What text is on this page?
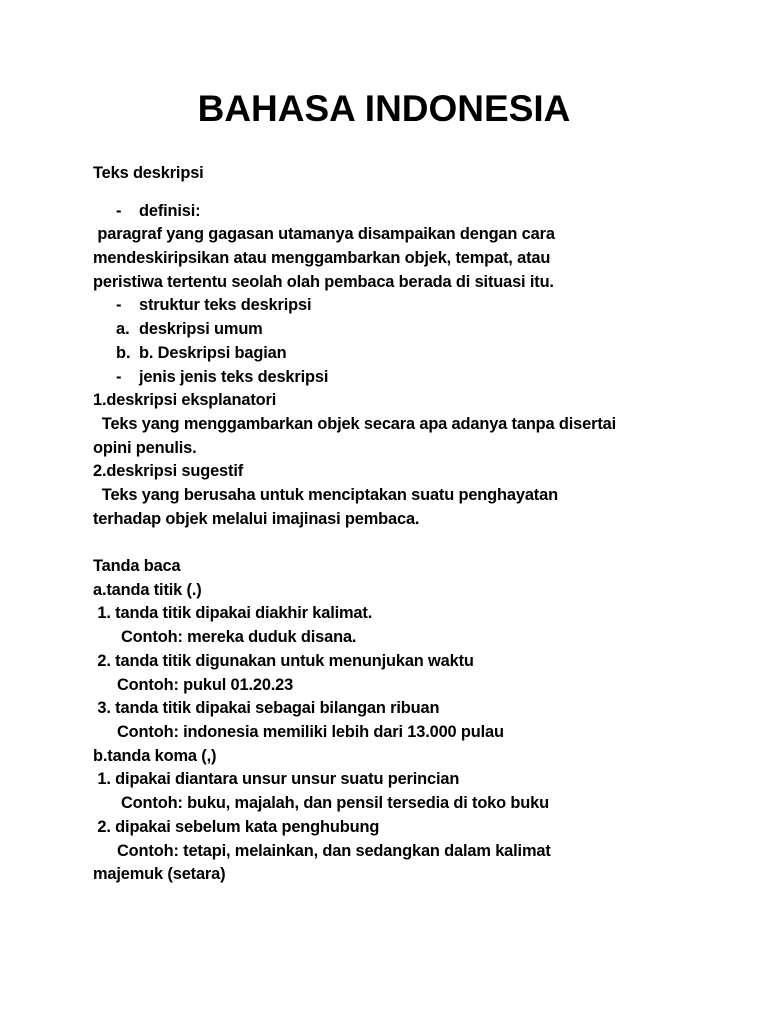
BAHASA INDONESIA
Teks deskripsi
- definisi:
paragraf yang gagasan utamanya disampaikan dengan cara
mendeskiripsikan atau menggambarkan objek, tempat, atau
peristiwa tertentu seolah olah pembaca berada di situasi itu.
- struktur teks deskripsi
a. deskripsi umum
b. b. Deskripsi bagian
- jenis jenis teks deskripsi
1.deskripsi eksplanatori
Teks yang menggambarkan objek secara apa adanya tanpa disertai
opini penulis.
2.deskripsi sugestif
Teks yang berusaha untuk menciptakan suatu penghayatan
terhadap objek melalui imajinasi pembaca.
Tanda baca
a.tanda titik (.)
1. tanda titik dipakai diakhir kalimat.
Contoh: mereka duduk disana.
2. tanda titik digunakan untuk menunjukan waktu
Contoh: pukul 01.20.23
3. tanda titik dipakai sebagai bilangan ribuan
Contoh: indonesia memiliki lebih dari 13.000 pulau
b.tanda koma (,)
1. dipakai diantara unsur unsur suatu perincian
Contoh: buku, majalah, dan pensil tersedia di toko buku
2. dipakai sebelum kata penghubung
Contoh: tetapi, melainkan, dan sedangkan dalam kalimat
majemuk (setara)
